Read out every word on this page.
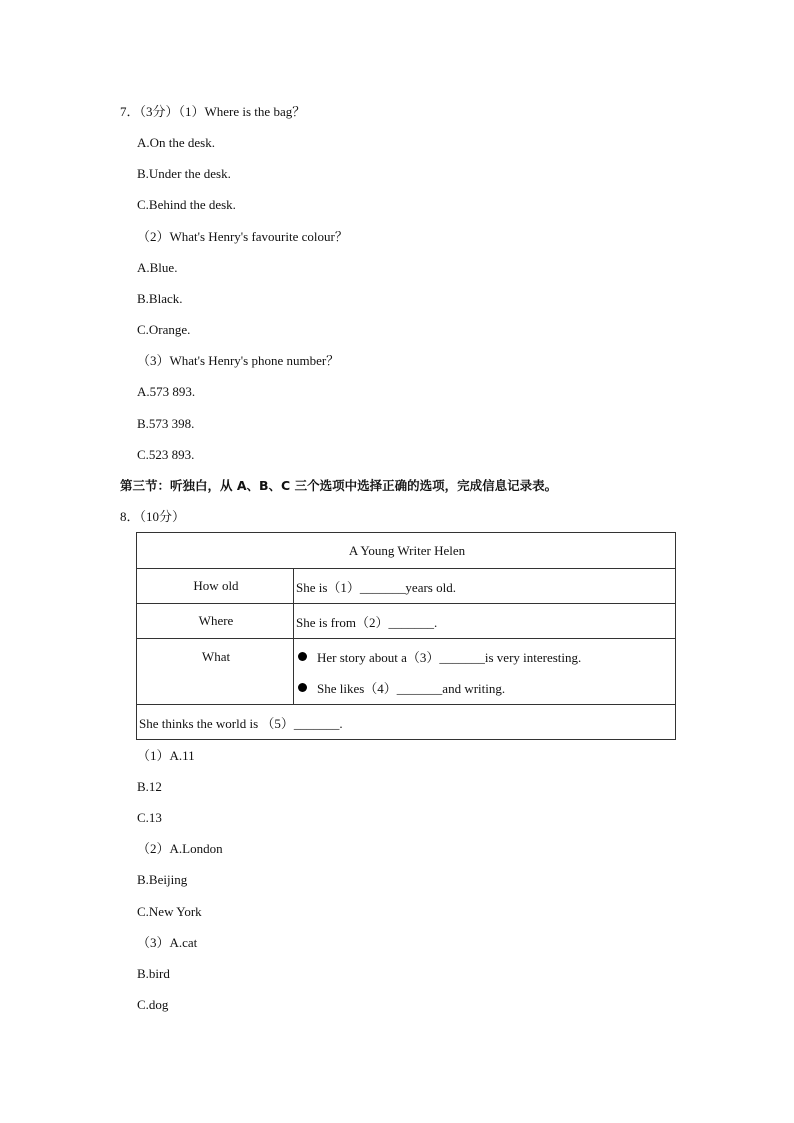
7．（3分）（1）Where is the bag？
A.On the desk.
B.Under the desk.
C.Behind the desk.
（2）What's Henry's favourite colour？
A.Blue.
B.Black.
C.Orange.
（3）What's Henry's phone number？
A.573 893.
B.573 398.
C.523 893.
第三节：听独白，从 A、B、C 三个选项中选择正确的选项，完成信息记录表。
8．（10分）
A Young Writer Helen	
How old	She is（1）_______years old.
Where	She is from（2）_______.
What	Her story about a（3）_______is very interesting.
She likes（4）_______and writing.

She thinks the world is （5）_______.	
（1）A.11
B.12
C.13
（2）A.London
B.Beijing
C.New York
（3）A.cat
B.bird
C.dog
